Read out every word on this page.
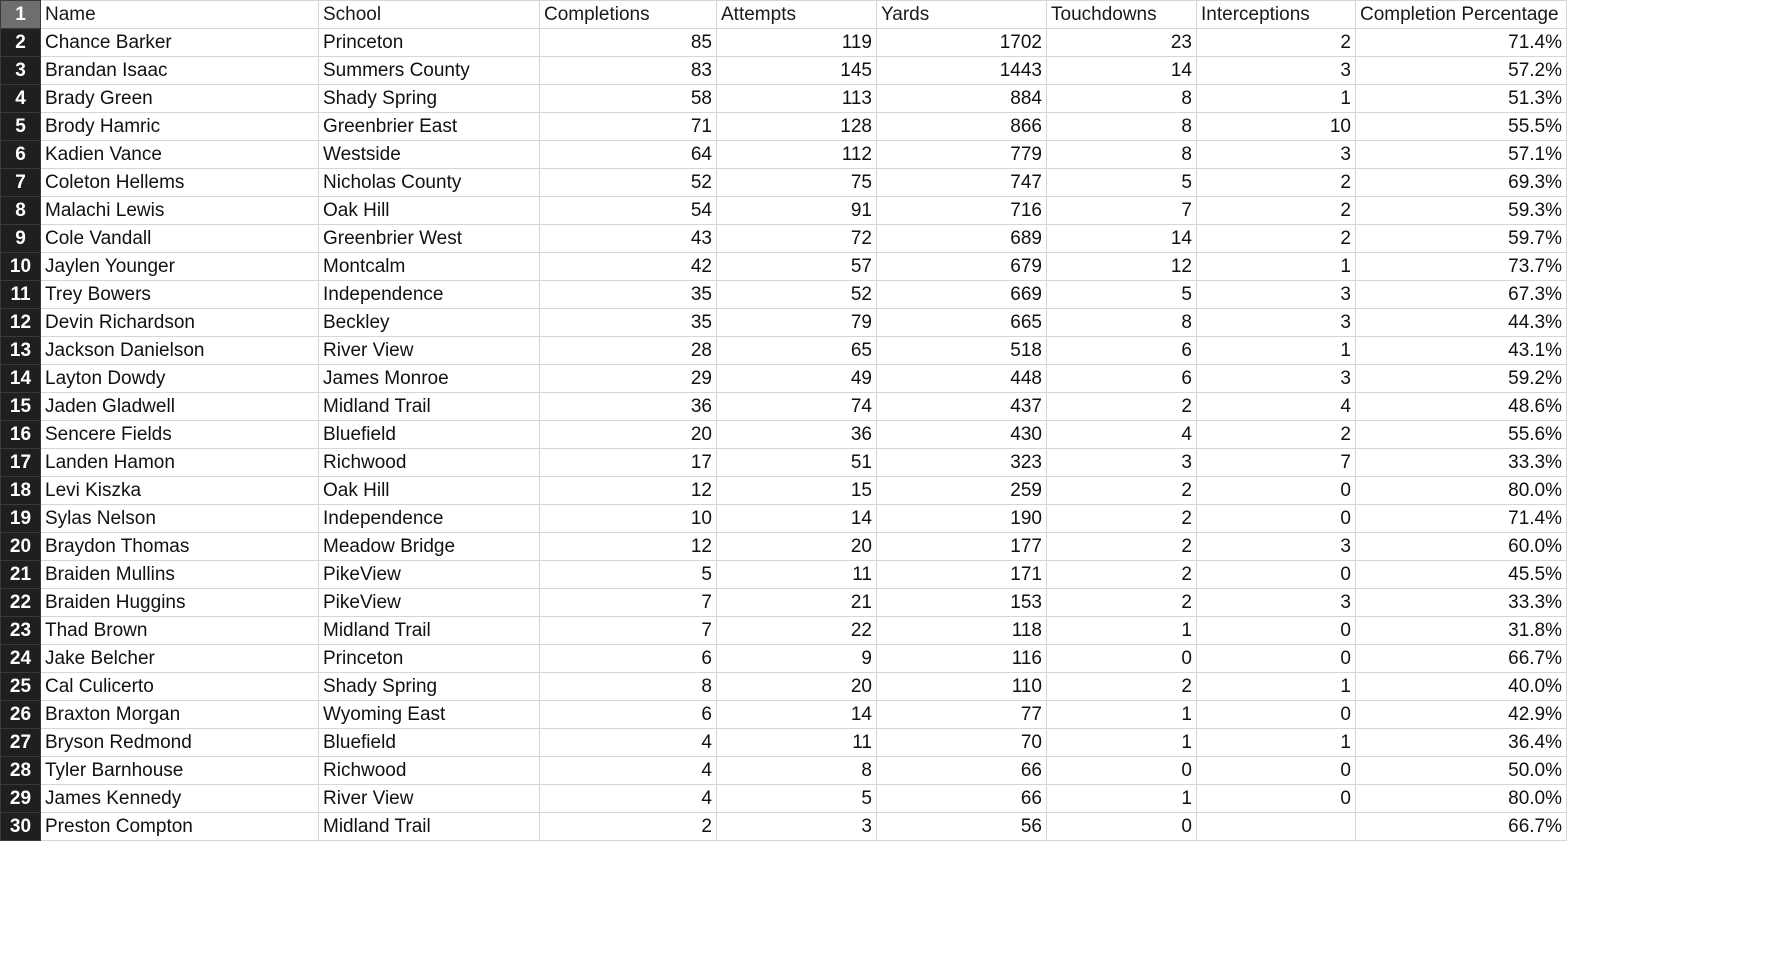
1	Name	School	Completions	Attempts	Yards	Touchdowns	Interceptions	Completion Percentage
2	Chance Barker	Princeton	85	119	1702	23	2	71.4%
3	Brandan Isaac	Summers County	83	145	1443	14	3	57.2%
4	Brady Green	Shady Spring	58	113	884	8	1	51.3%
5	Brody Hamric	Greenbrier East	71	128	866	8	10	55.5%
6	Kadien Vance	Westside	64	112	779	8	3	57.1%
7	Coleton Hellems	Nicholas County	52	75	747	5	2	69.3%
8	Malachi Lewis	Oak Hill	54	91	716	7	2	59.3%
9	Cole Vandall	Greenbrier West	43	72	689	14	2	59.7%
10	Jaylen Younger	Montcalm	42	57	679	12	1	73.7%
11	Trey Bowers	Independence	35	52	669	5	3	67.3%
12	Devin Richardson	Beckley	35	79	665	8	3	44.3%
13	Jackson Danielson	River View	28	65	518	6	1	43.1%
14	Layton Dowdy	James Monroe	29	49	448	6	3	59.2%
15	Jaden Gladwell	Midland Trail	36	74	437	2	4	48.6%
16	Sencere Fields	Bluefield	20	36	430	4	2	55.6%
17	Landen Hamon	Richwood	17	51	323	3	7	33.3%
18	Levi Kiszka	Oak Hill	12	15	259	2	0	80.0%
19	Sylas Nelson	Independence	10	14	190	2	0	71.4%
20	Braydon Thomas	Meadow Bridge	12	20	177	2	3	60.0%
21	Braiden Mullins	PikeView	5	11	171	2	0	45.5%
22	Braiden Huggins	PikeView	7	21	153	2	3	33.3%
23	Thad Brown	Midland Trail	7	22	118	1	0	31.8%
24	Jake Belcher	Princeton	6	9	116	0	0	66.7%
25	Cal Culicerto	Shady Spring	8	20	110	2	1	40.0%
26	Braxton Morgan	Wyoming East	6	14	77	1	0	42.9%
27	Bryson Redmond	Bluefield	4	11	70	1	1	36.4%
28	Tyler Barnhouse	Richwood	4	8	66	0	0	50.0%
29	James Kennedy	River View	4	5	66	1	0	80.0%
30	Preston Compton	Midland Trail	2	3	56	0		66.7%
